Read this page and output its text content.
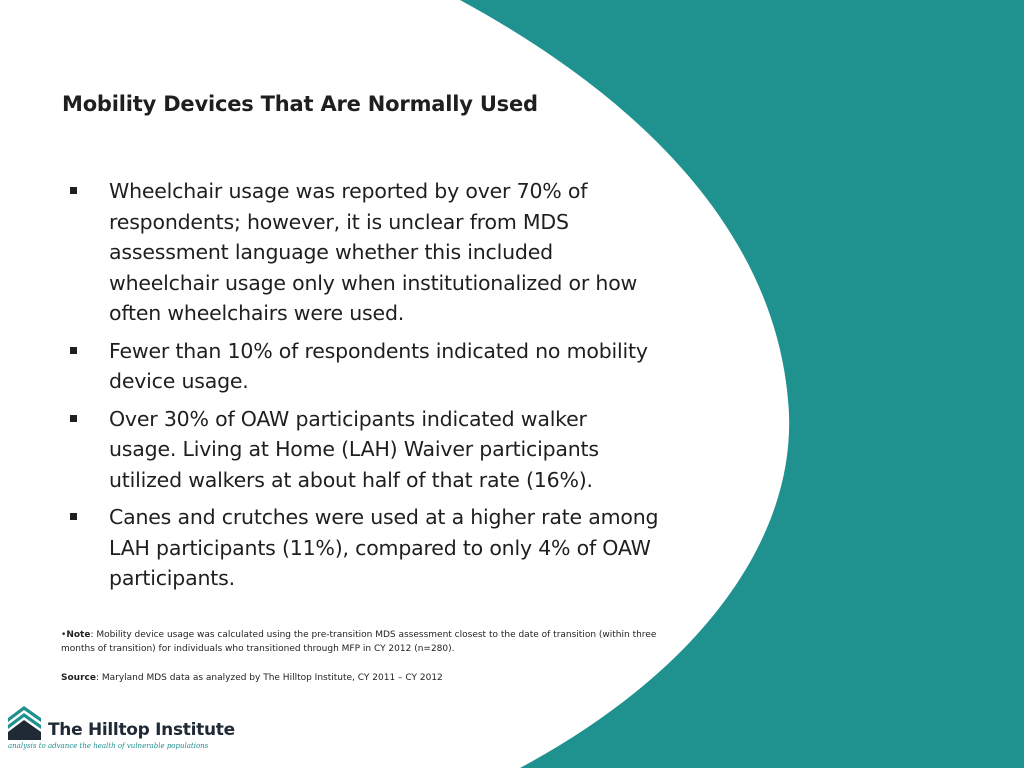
Mobility Devices That Are Normally Used
Wheelchair usage was reported by over 70% of respondents; however, it is unclear from MDS assessment language whether this included wheelchair usage only when institutionalized or how often wheelchairs were used.
Fewer than 10% of respondents indicated no mobility device usage.
Over 30% of OAW participants indicated walker usage. Living at Home (LAH) Waiver participants utilized walkers at about half of that rate (16%).
Canes and crutches were used at a higher rate among LAH participants (11%), compared to only 4% of OAW participants.
•Note: Mobility device usage was calculated using the pre-transition MDS assessment closest to the date of transition (within three months of transition) for individuals who transitioned through MFP in CY 2012 (n=280).
Source: Maryland MDS data as analyzed by The Hilltop Institute, CY 2011 – CY 2012
The Hilltop Institute
analysis to advance the health of vulnerable populations
